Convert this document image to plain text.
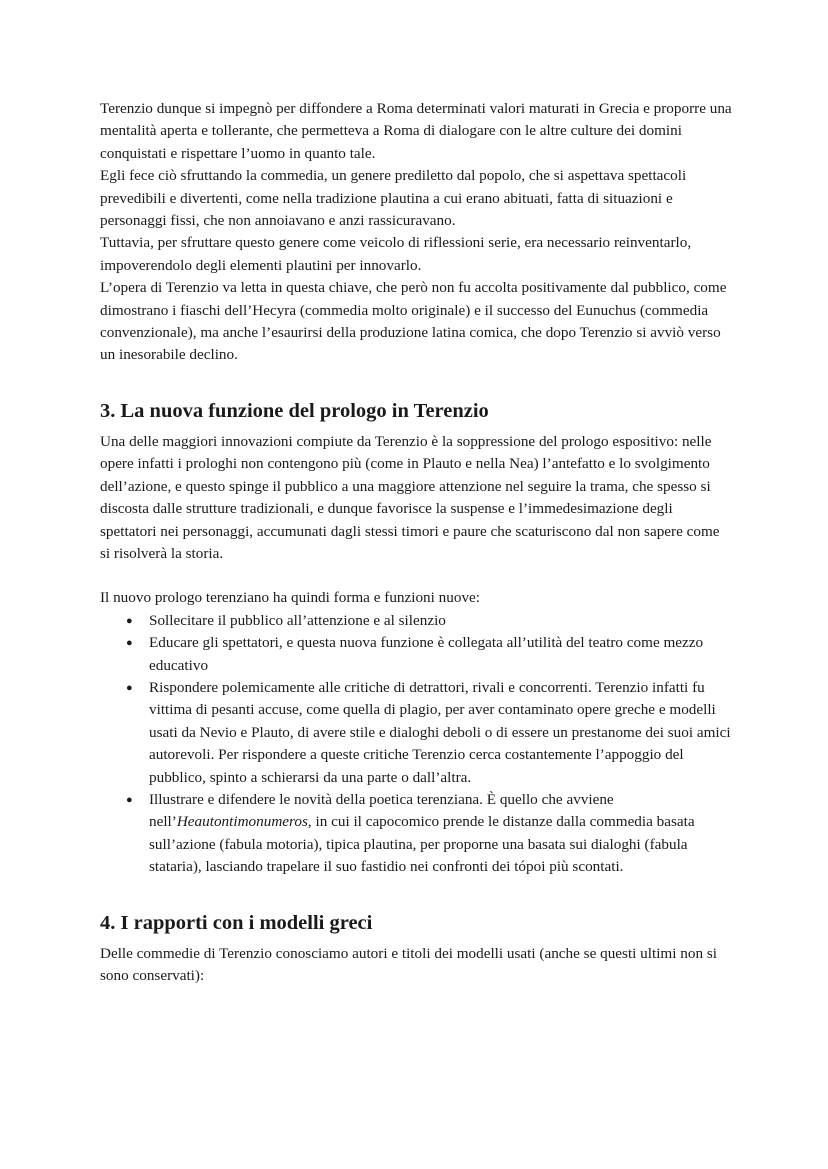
Terenzio dunque si impegnò per diffondere a Roma determinati valori maturati in Grecia e proporre una mentalità aperta e tollerante, che permetteva a Roma di dialogare con le altre culture dei domini conquistati e rispettare l’uomo in quanto tale.

Egli fece ciò sfruttando la commedia, un genere prediletto dal popolo, che si aspettava spettacoli prevedibili e divertenti, come nella tradizione plautina a cui erano abituati, fatta di situazioni e personaggi fissi, che non annoiavano e anzi rassicuravano.

Tuttavia, per sfruttare questo genere come veicolo di riflessioni serie, era necessario reinventarlo, impoverendolo degli elementi plautini per innovarlo.

L’opera di Terenzio va letta in questa chiave, che però non fu accolta positivamente dal pubblico, come dimostrano i fiaschi dell’Hecyra (commedia molto originale) e il successo del Eunuchus (commedia convenzionale), ma anche l’esaurirsi della produzione latina comica, che dopo Terenzio si avviò verso un inesorabile declino.

3. La nuova funzione del prologo in Terenzio

Una delle maggiori innovazioni compiute da Terenzio è la soppressione del prologo espositivo: nelle opere infatti i prologhi non contengono più (come in Plauto e nella Nea) l’antefatto e lo svolgimento dell’azione, e questo spinge il pubblico a una maggiore attenzione nel seguire la trama, che spesso si discosta dalle strutture tradizionali, e dunque favorisce la suspense e l’immedesimazione degli spettatori nei personaggi, accumunati dagli stessi timori e paure che scaturiscono dal non sapere come si risolverà la storia.

Il nuovo prologo terenziano ha quindi forma e funzioni nuove:

● Sollecitare il pubblico all’attenzione e al silenzio
● Educare gli spettatori, e questa nuova funzione è collegata all’utilità del teatro come mezzo educativo
● Rispondere polemicamente alle critiche di detrattori, rivali e concorrenti. Terenzio infatti fu vittima di pesanti accuse, come quella di plagio, per aver contaminato opere greche e modelli usati da Nevio e Plauto, di avere stile e dialoghi deboli o di essere un prestanome dei suoi amici autorevoli. Per rispondere a queste critiche Terenzio cerca costantemente l’appoggio del pubblico, spinto a schierarsi da una parte o dall’altra.
● Illustrare e difendere le novità della poetica terenziana. È quello che avviene nell’Heautontimonumeros, in cui il capocomico prende le distanze dalla commedia basata sull’azione (fabula motoria), tipica plautina, per proporne una basata sui dialoghi (fabula stataria), lasciando trapelare il suo fastidio nei confronti dei tópoi più scontati.
4. I rapporti con i modelli greci

Delle commedie di Terenzio conosciamo autori e titoli dei modelli usati (anche se questi ultimi non si sono conservati):
